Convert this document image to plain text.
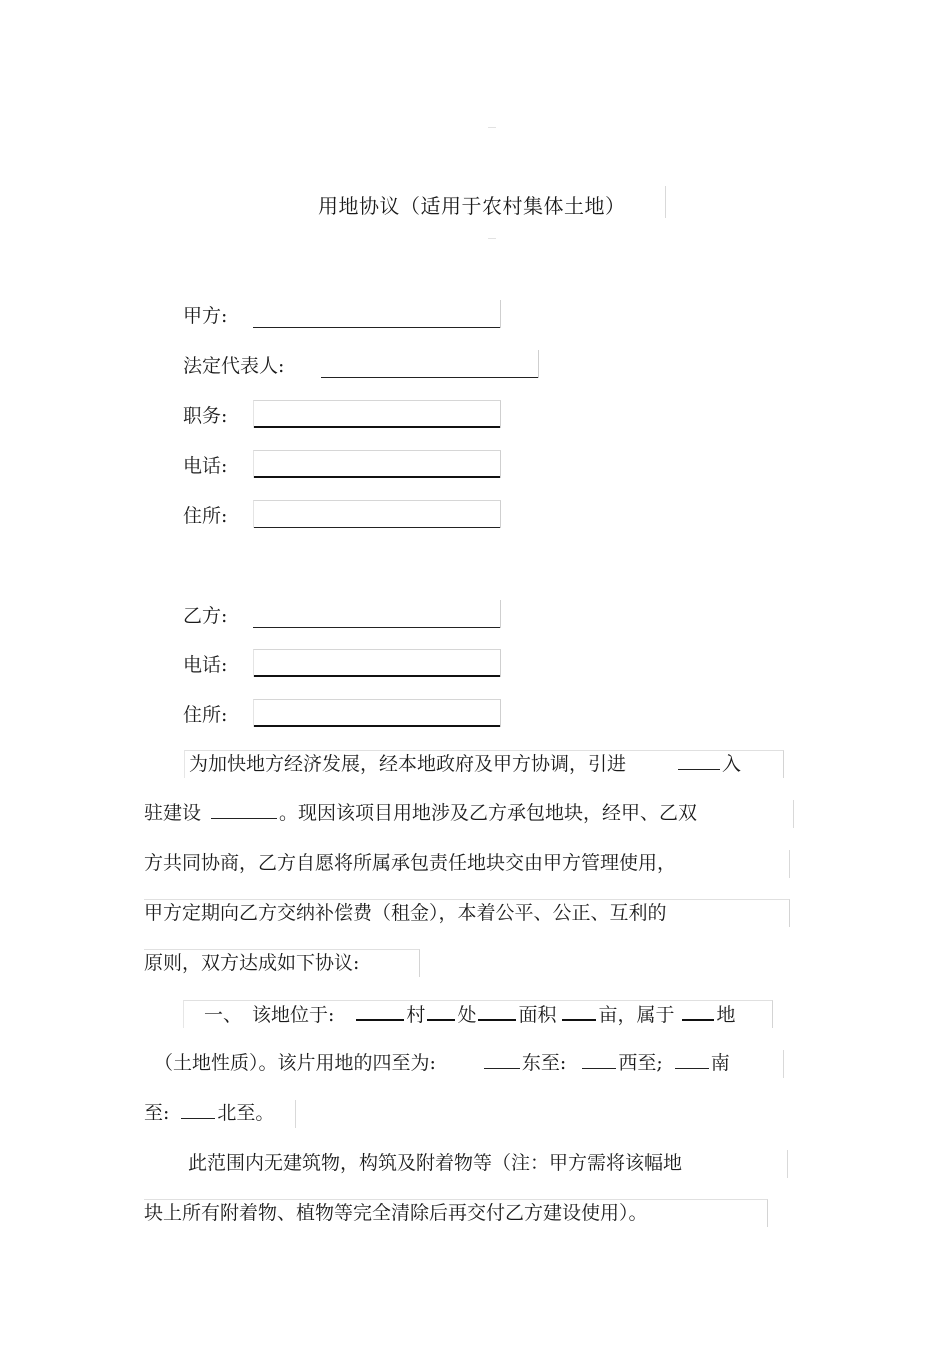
用地协议（适用于农村集体土地）
甲方:
法定代表人:
职务:
电话:
住所:
乙方:
电话:
住所:
为加快地方经济发展，经本地政府及甲方协调，引进	入
驻建设	。现因该项目用地涉及乙方承包地块，经甲、乙双
方共同协商，乙方自愿将所属承包责任地块交由甲方管理使用，
甲方定期向乙方交纳补偿费（租金），本着公平、公正、互利的
原则，双方达成如下协议:
一、 该地位于:	村 处 面积 亩，属于 地
（土地性质）。该片用地的四至为:	东至:	西至;	南
至:	北至。
此范围内无建筑物，构筑及附着物等（注：甲方需将该幅地
块上所有附着物、植物等完全清除后再交付乙方建设使用）。
